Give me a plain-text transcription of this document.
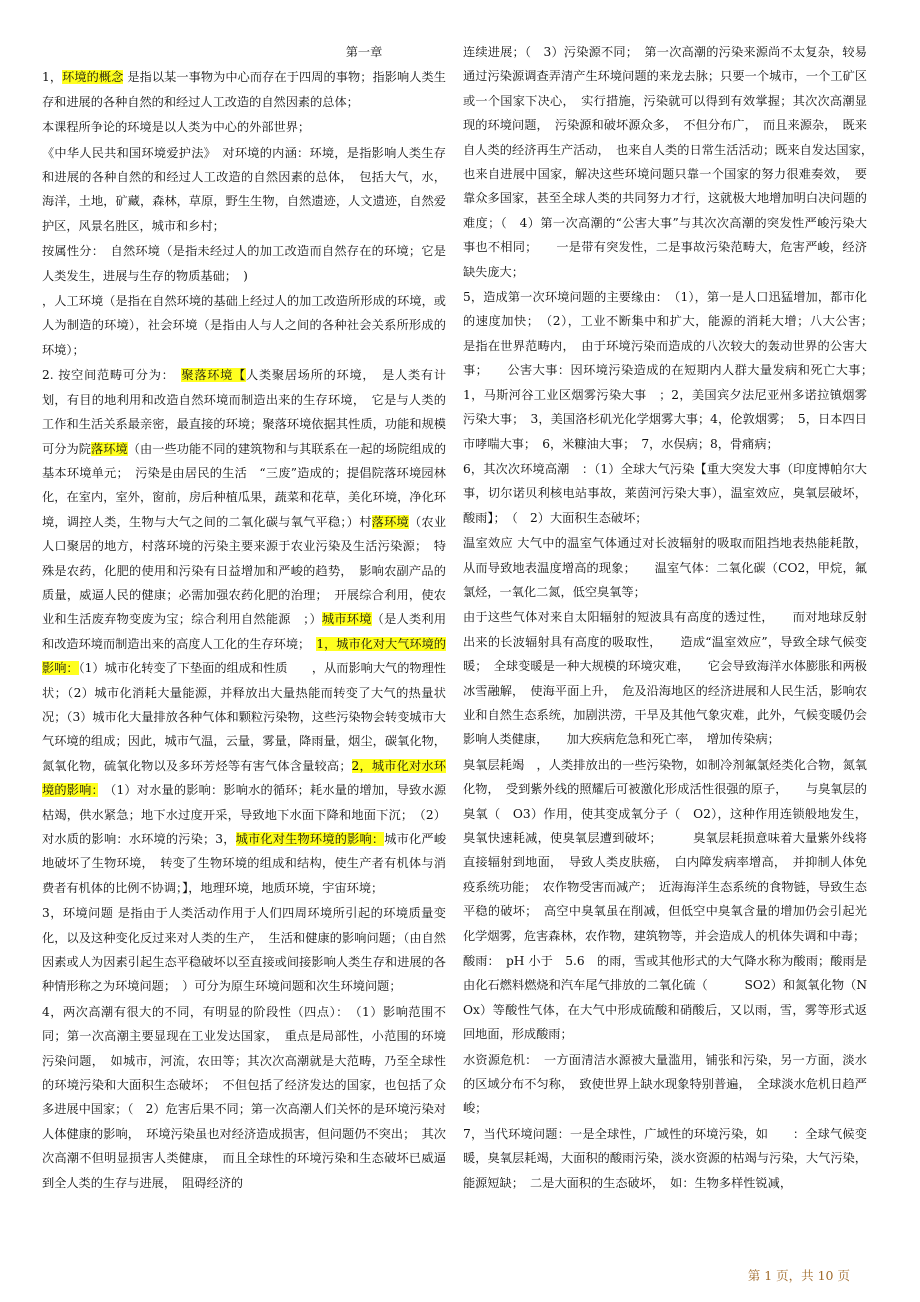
第一章

1，环境的概念 是指以某一事物为中心而存在于四周的事物；指影响人类生存和进展的各种自然的和经过人工改造的自然因素的总体；

本课程所争论的环境是以人类为中心的外部世界；

《中华人民共和国环境爱护法》　对环境的内涵：环境，是指影响人类生存和进展的各种自然的和经过人工改造的自然因素的总体，　包括大气，水，海洋，土地，矿藏，森林，草原，野生生物，自然遗迹，人文遗迹，自然爱护区，风景名胜区，城市和乡村；

按属性分：　自然环境（是指未经过人的加工改造而自然存在的环境；它是人类发生，进展与生存的物质基础；　)

，人工环境（是指在自然环境的基础上经过人的加工改造所形成的环境，或人为制造的环境），社会环境（是指由人与人之间的各种社会关系所形成的环境）；

2. 按空间范畴可分为：　聚落环境【人类聚居场所的环境，　是人类有计划，有目的地利用和改造自然环境而制造出来的生存环境，　它是与人类的工作和生活关系最亲密，最直接的环境；聚落环境依据其性质，功能和规模可分为院落环境（由一些功能不同的建筑物和与其联系在一起的场院组成的基本环境单元；　污染是由居民的生活　“三废”造成的；提倡院落环境园林化，在室内，室外，窗前，房后种植瓜果，蔬菜和花草，美化环境，净化环境，调控人类，生物与大气之间的二氧化碳与氧气平稳；）村落环境（农业人口聚居的地方，村落环境的污染主要来源于农业污染及生活污染源；　特殊是农药，化肥的使用和污染有日益增加和严峻的趋势，　影响农副产品的质量，威逼人民的健康；必需加强农药化肥的治理；　开展综合利用，使农业和生活废弃物变废为宝；综合利用自然能源　；）城市环境（是人类利用和改造环境而制造出来的高度人工化的生存环境；　1，城市化对大气环境的影响：（1）城市化转变了下垫面的组成和性质　　，从而影响大气的物理性状；（2）城市化消耗大量能源，并释放出大量热能而转变了大气的热量状况；（3）城市化大量排放各种气体和颗粒污染物，这些污染物会转变城市大气环境的组成；因此，城市气温，云量，雾量，降雨量，烟尘，碳氧化物，氮氧化物，硫氧化物以及多环芳烃等有害气体含量较高；2，城市化对水环境的影响：　（1）对水量的影响：影响水的循环；耗水量的增加，导致水源枯竭，供水紧急；地下水过度开采，导致地下水面下降和地面下沉；　（2）对水质的影响：水环境的污染；3，城市化对生物环境的影响：城市化严峻地破坏了生物环境，　转变了生物环境的组成和结构，使生产者有机体与消费者有机体的比例不协调；】，地理环境，地质环境，宇宙环境；

3，环境问题 是指由于人类活动作用于人们四周环境所引起的环境质量变化，以及这种变化反过来对人类的生产，　生活和健康的影响问题；（由自然因素或人为因素引起生态平稳破坏以至直接或间接影响人类生存和进展的各种情形称之为环境问题；　）可分为原生环境问题和次生环境问题；

4，两次高潮有很大的不同，有明显的阶段性（四点）：　（1）影响范围不同；第一次高潮主要显现在工业发达国家，　重点是局部性，小范围的环境污染问题，　如城市，河流，农田等；其次次高潮就是大范畴，乃至全球性的环境污染和大面积生态破坏；　不但包括了经济发达的国家，也包括了众多进展中国家；（　2）危害后果不同；第一次高潮人们关怀的是环境污染对人体健康的影响，　环境污染虽也对经济造成损害，但问题仍不突出；　其次次高潮不但明显损害人类健康，　而且全球性的环境污染和生态破坏已威逼到全人类的生存与进展，　阻碍经济的

连续进展；（　3）污染源不同；　第一次高潮的污染来源尚不太复杂，较易通过污染源调查弄清产生环境问题的来龙去脉；只要一个城市，一个工矿区或一个国家下决心，　实行措施，污染就可以得到有效掌握；其次次高潮显现的环境问题，　污染源和破坏源众多，　不但分布广，　而且来源杂，　既来自人类的经济再生产活动，　也来自人类的日常生活活动；既来自发达国家，　也来自进展中国家，解决这些环境问题只靠一个国家的努力很难奏效，　要靠众多国家，甚至全球人类的共同努力才行，这就极大地增加明白决问题的难度；（　4）第一次高潮的“公害大事”与其次次高潮的突发性严峻污染大事也不相同；　　一是带有突发性，二是事故污染范畴大，危害严峻，经济缺失庞大；

5，造成第一次环境问题的主要缘由：　（1），第一是人口迅猛增加，都市化的速度加快；　（2），工业不断集中和扩大，能源的消耗大增；八大公害；　是指在世界范畴内，　由于环境污染而造成的八次较大的轰动世界的公害大事；　　公害大事：因环境污染造成的在短期内人群大量发病和死亡大事；　1，马斯河谷工业区烟雾污染大事　；2，美国宾夕法尼亚州多诺拉镇烟雾污染大事；　3，美国洛杉矶光化学烟雾大事；4，伦敦烟雾；　5，日本四日市哮喘大事；　6，米糠油大事；　7，水俣病；8，骨痛病；

6，其次次环境高潮　：（1）全球大气污染【重大突发大事（印度博帕尔大事，切尔诺贝利核电站事故，莱茵河污染大事），温室效应，臭氧层破坏，酸雨】；　（　2）大面积生态破坏；

温室效应 大气中的温室气体通过对长波辐射的吸取而阻挡地表热能耗散，从而导致地表温度增高的现象；　　温室气体：二氧化碳（CO2，甲烷，氟氯烃，一氧化二氮，低空臭氧等；

由于这些气体对来自太阳辐射的短波具有高度的透过性，　　而对地球反射出来的长波辐射具有高度的吸取性，　　造成“温室效应”，导致全球气候变暖；　全球变暖是一种大规模的环境灾难，　　它会导致海洋水体膨胀和两极冰雪融解，　使海平面上升，　危及沿海地区的经济进展和人民生活，影响农业和自然生态系统，加剧洪涝，干旱及其他气象灾难，此外，气候变暖仍会影响人类健康，　　加大疾病危急和死亡率，　增加传染病；

臭氧层耗竭　，人类排放出的一些污染物，如制冷剂氟氯烃类化合物，氮氧化物，　受到紫外线的照耀后可被激化形成活性很强的原子，　　与臭氧层的臭氧（　O3）作用，使其变成氧分子（　O2），这种作用连锁般地发生，臭氧快速耗减，使臭氧层遭到破坏；　　　臭氧层耗损意味着大量紫外线将直接辐射到地面，　导致人类皮肤癌，　白内障发病率增高，　并抑制人体免疫系统功能；　农作物受害而减产；　近海海洋生态系统的食物链，导致生态平稳的破坏；　高空中臭氧虽在削减，但低空中臭氧含量的增加仍会引起光化学烟雾，危害森林，农作物，建筑物等，并会造成人的机体失调和中毒；

酸雨：　pH 小于　5.6　的雨，雪或其他形式的大气降水称为酸雨；酸雨是由化石燃料燃烧和汽车尾气排放的二氧化硫（　　　SO2）和氮氧化物（NOx）等酸性气体，在大气中形成硫酸和硝酸后，又以雨，雪，雾等形式返回地面，形成酸雨；

水资源危机：　一方面清洁水源被大量滥用，铺张和污染，另一方面，淡水的区域分布不匀称，　致使世界上缺水现象特别普遍，　全球淡水危机日趋严峻；

7，当代环境问题：一是全球性，广域性的环境污染，如　　：全球气候变暖，臭氧层耗竭，大面积的酸雨污染，淡水资源的枯竭与污染，大气污染，能源短缺；　二是大面积的生态破坏，　如：生物多样性锐减，

第 1 页，共 10 页
